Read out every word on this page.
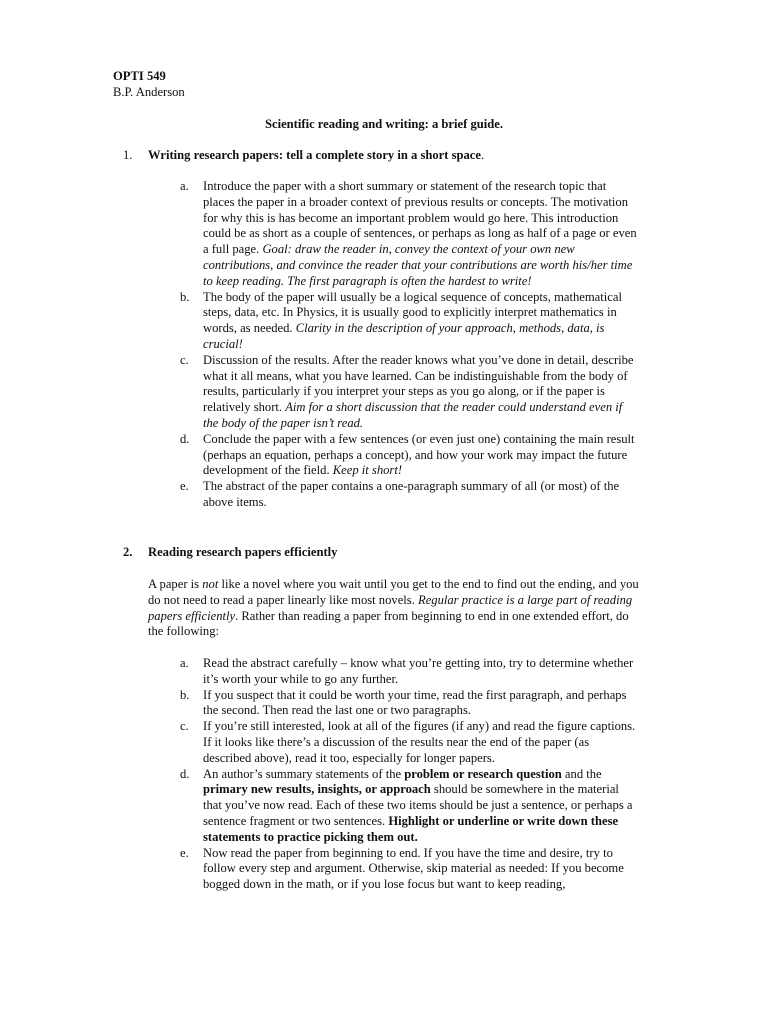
OPTI 549
B.P. Anderson
Scientific reading and writing: a brief guide.
1. Writing research papers: tell a complete story in a short space.
a. Introduce the paper with a short summary or statement of the research topic that places the paper in a broader context of previous results or concepts. The motivation for why this is has become an important problem would go here. This introduction could be as short as a couple of sentences, or perhaps as long as half of a page or even a full page. Goal: draw the reader in, convey the context of your own new contributions, and convince the reader that your contributions are worth his/her time to keep reading. The first paragraph is often the hardest to write!
b. The body of the paper will usually be a logical sequence of concepts, mathematical steps, data, etc. In Physics, it is usually good to explicitly interpret mathematics in words, as needed. Clarity in the description of your approach, methods, data, is crucial!
c. Discussion of the results. After the reader knows what you’ve done in detail, describe what it all means, what you have learned. Can be indistinguishable from the body of results, particularly if you interpret your steps as you go along, or if the paper is relatively short. Aim for a short discussion that the reader could understand even if the body of the paper isn’t read.
d. Conclude the paper with a few sentences (or even just one) containing the main result (perhaps an equation, perhaps a concept), and how your work may impact the future development of the field. Keep it short!
e. The abstract of the paper contains a one-paragraph summary of all (or most) of the above items.
2. Reading research papers efficiently
A paper is not like a novel where you wait until you get to the end to find out the ending, and you do not need to read a paper linearly like most novels. Regular practice is a large part of reading papers efficiently. Rather than reading a paper from beginning to end in one extended effort, do the following:
a. Read the abstract carefully – know what you’re getting into, try to determine whether it’s worth your while to go any further.
b. If you suspect that it could be worth your time, read the first paragraph, and perhaps the second. Then read the last one or two paragraphs.
c. If you’re still interested, look at all of the figures (if any) and read the figure captions. If it looks like there’s a discussion of the results near the end of the paper (as described above), read it too, especially for longer papers.
d. An author’s summary statements of the problem or research question and the primary new results, insights, or approach should be somewhere in the material that you’ve now read. Each of these two items should be just a sentence, or perhaps a sentence fragment or two sentences. Highlight or underline or write down these statements to practice picking them out.
e. Now read the paper from beginning to end. If you have the time and desire, try to follow every step and argument. Otherwise, skip material as needed: If you become bogged down in the math, or if you lose focus but want to keep reading,
